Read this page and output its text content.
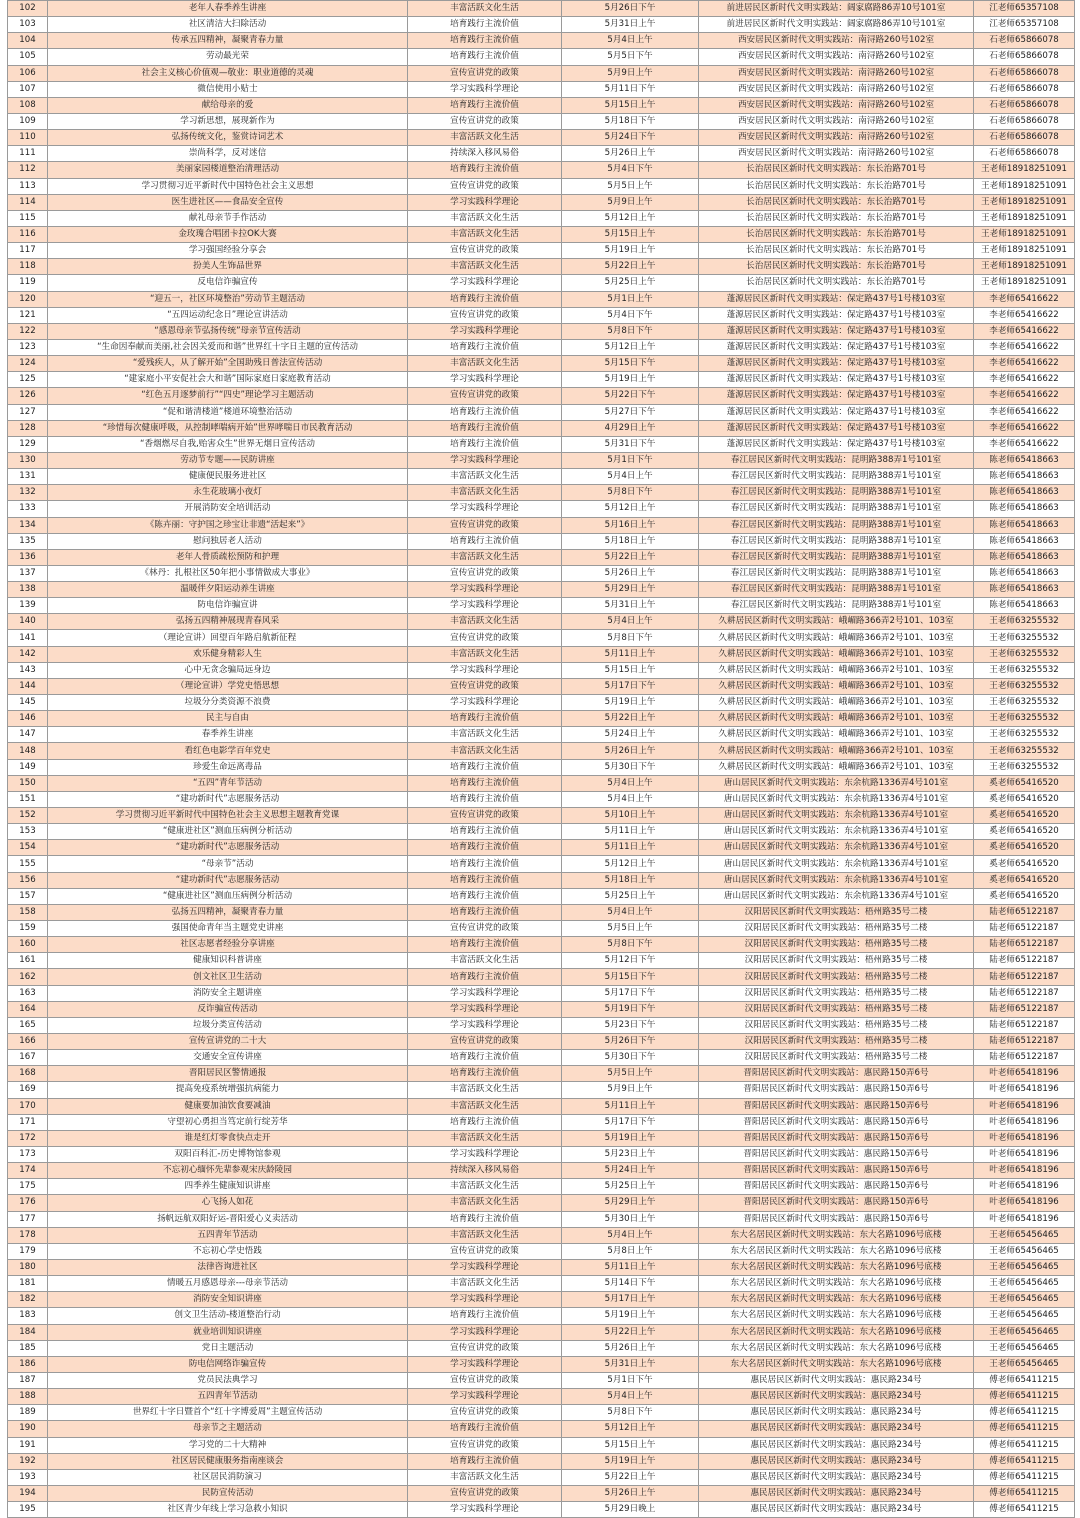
102	老年人春季养生讲座	丰富活跃文化生活	5月26日下午	前进居民区新时代文明实践站：阔家腐路86弄10号101室	江老师65357108
103	社区清洁大扫除活动	培育践行主流价值	5月31日上午	前进居民区新时代文明实践站：阔家腐路86弄10号101室	江老师65357108
104	传承五四精神，凝聚青春力量	培育践行主流价值	5月4日上午	西安居民区新时代文明实践站：南浔路260号102室	石老师65866078
105	劳动最光荣	培育践行主流价值	5月5日下午	西安居民区新时代文明实践站：南浔路260号102室	石老师65866078
106	社会主义核心价值观—敬业：职业道德的灵魂	宣传宣讲党的政策	5月9日上午	西安居民区新时代文明实践站：南浔路260号102室	石老师65866078
107	微信使用小贴士	学习实践科学理论	5月11日下午	西安居民区新时代文明实践站：南浔路260号102室	石老师65866078
108	献给母亲的爱	培育践行主流价值	5月15日上午	西安居民区新时代文明实践站：南浔路260号102室	石老师65866078
109	学习新思想，展现新作为	宣传宣讲党的政策	5月18日下午	西安居民区新时代文明实践站：南浔路260号102室	石老师65866078
110	弘扬传统文化，鉴赏诗词艺术	丰富活跃文化生活	5月24日下午	西安居民区新时代文明实践站：南浔路260号102室	石老师65866078
111	崇尚科学，反对迷信	持续深入移风易俗	5月26日上午	西安居民区新时代文明实践站：南浔路260号102室	石老师65866078
112	美丽家园楼道整治清理活动	培育践行主流价值	5月4日下午	长治居民区新时代文明实践站：东长治路701号	王老师18918251091
113	学习贯彻习近平新时代中国特色社会主义思想	宣传宣讲党的政策	5月5日上午	长治居民区新时代文明实践站：东长治路701号	王老师18918251091
114	医生进社区——食品安全宣传	学习实践科学理论	5月9日上午	长治居民区新时代文明实践站：东长治路701号	王老师18918251091
115	献礼母亲节手作活动	丰富活跃文化生活	5月12日上午	长治居民区新时代文明实践站：东长治路701号	王老师18918251091
116	金玫瑰合唱团卡拉OK大赛	丰富活跃文化生活	5月15日上午	长治居民区新时代文明实践站：东长治路701号	王老师18918251091
117	学习强国经验分享会	宣传宣讲党的政策	5月19日上午	长治居民区新时代文明实践站：东长治路701号	王老师18918251091
118	扮美人生饰品世界	丰富活跃文化生活	5月22日上午	长治居民区新时代文明实践站：东长治路701号	王老师18918251091
119	反电信诈骗宣传	学习实践科学理论	5月25日上午	长治居民区新时代文明实践站：东长治路701号	王老师18918251091
120	“迎五一，社区环境整治”劳动节主题活动	培育践行主流价值	5月1日上午	蓬源居民区新时代文明实践站：保定路437号1号楼103室	李老师65416622
121	“五四运动纪念日”理论宣讲活动	宣传宣讲党的政策	5月4日下午	蓬源居民区新时代文明实践站：保定路437号1号楼103室	李老师65416622
122	“感恩母亲节弘扬传统”母亲节宣传活动	学习实践科学理论	5月8日下午	蓬源居民区新时代文明实践站：保定路437号1号楼103室	李老师65416622
123	“生命因奉献而美丽,社会因关爱而和谐”世界红十字日主题的宣传活动	培育践行主流价值	5月12日上午	蓬源居民区新时代文明实践站：保定路437号1号楼103室	李老师65416622
124	“爱残疾人，从了解开始”全国助残日普法宣传活动	丰富活跃文化生活	5月15日下午	蓬源居民区新时代文明实践站：保定路437号1号楼103室	李老师65416622
125	“建家庭小平安促社会大和谐”国际家庭日家庭教育活动	学习实践科学理论	5月19日上午	蓬源居民区新时代文明实践站：保定路437号1号楼103室	李老师65416622
126	“红色五月逐梦前行”“四史”理论学习主题活动	宣传宣讲党的政策	5月22日下午	蓬源居民区新时代文明实践站：保定路437号1号楼103室	李老师65416622
127	“促和谐清楼道”楼道环境整治活动	培育践行主流价值	5月27日下午	蓬源居民区新时代文明实践站：保定路437号1号楼103室	李老师65416622
128	“珍惜每次健康呼吸，从控制哮喘病开始”世界哮喘日市民教育活动	培育践行主流价值	4月29日上午	蓬源居民区新时代文明实践站：保定路437号1号楼103室	李老师65416622
129	“香烟燃尽自我,贻害众生”世界无烟日宣传活动	培育践行主流价值	5月31日下午	蓬源居民区新时代文明实践站：保定路437号1号楼103室	李老师65416622
130	劳动节专题——民防讲座	学习实践科学理论	5月1日下午	春江居民区新时代文明实践站：昆明路388弄1号101室	陈老师65418663
131	健康便民服务进社区	丰富活跃文化生活	5月4日上午	春江居民区新时代文明实践站：昆明路388弄1号101室	陈老师65418663
132	永生花玻璃小夜灯	丰富活跃文化生活	5月8日下午	春江居民区新时代文明实践站：昆明路388弄1号101室	陈老师65418663
133	开展消防安全培训活动	学习实践科学理论	5月12日上午	春江居民区新时代文明实践站：昆明路388弄1号101室	陈老师65418663
134	《陈卉丽：守护国之珍宝让非遗“活起来”》	宣传宣讲党的政策	5月16日上午	春江居民区新时代文明实践站：昆明路388弄1号101室	陈老师65418663
135	慰问独居老人活动	培育践行主流价值	5月18日上午	春江居民区新时代文明实践站：昆明路388弄1号101室	陈老师65418663
136	老年人骨质疏松预防和护理	丰富活跃文化生活	5月22日上午	春江居民区新时代文明实践站：昆明路388弄1号101室	陈老师65418663
137	《林丹：扎根社区50年把小事情做成大事业》	宣传宣讲党的政策	5月26日上午	春江居民区新时代文明实践站：昆明路388弄1号101室	陈老师65418663
138	温暖伴夕阳运动养生讲座	学习实践科学理论	5月29日上午	春江居民区新时代文明实践站：昆明路388弄1号101室	陈老师65418663
139	防电信诈骗宣讲	学习实践科学理论	5月31日上午	春江居民区新时代文明实践站：昆明路388弄1号101室	陈老师65418663
140	弘扬五四精神展现青春风采	丰富活跃文化生活	5月4日上午	久耕居民区新时代文明实践站：峨嵋路366弄2号101、103室	王老师63255532
141	（理论宣讲）回望百年路启航新征程	宣传宣讲党的政策	5月8日下午	久耕居民区新时代文明实践站：峨嵋路366弄2号101、103室	王老师63255532
142	欢乐健身精彩人生	丰富活跃文化生活	5月11日上午	久耕居民区新时代文明实践站：峨嵋路366弄2号101、103室	王老师63255532
143	心中无贪念骗局远身边	学习实践科学理论	5月15日上午	久耕居民区新时代文明实践站：峨嵋路366弄2号101、103室	王老师63255532
144	（理论宣讲）学党史悟思想	宣传宣讲党的政策	5月17日下午	久耕居民区新时代文明实践站：峨嵋路366弄2号101、103室	王老师63255532
145	垃圾分分类资源不浪费	学习实践科学理论	5月19日上午	久耕居民区新时代文明实践站：峨嵋路366弄2号101、103室	王老师63255532
146	民主与自由	培育践行主流价值	5月22日上午	久耕居民区新时代文明实践站：峨嵋路366弄2号101、103室	王老师63255532
147	春季养生讲座	丰富活跃文化生活	5月24日上午	久耕居民区新时代文明实践站：峨嵋路366弄2号101、103室	王老师63255532
148	看红色电影学百年党史	丰富活跃文化生活	5月26日上午	久耕居民区新时代文明实践站：峨嵋路366弄2号101、103室	王老师63255532
149	珍爱生命远离毒品	培育践行主流价值	5月30日下午	久耕居民区新时代文明实践站：峨嵋路366弄2号101、103室	王老师63255532
150	“五四”青年节活动	培育践行主流价值	5月4日上午	唐山居民区新时代文明实践站：东余杭路1336弄4号101室	奚老师65416520
151	“建功新时代”志愿服务活动	培育践行主流价值	5月4日上午	唐山居民区新时代文明实践站：东余杭路1336弄4号101室	奚老师65416520
152	学习贯彻习近平新时代中国特色社会主义思想主题教育党课	宣传宣讲党的政策	5月10日上午	唐山居民区新时代文明实践站：东余杭路1336弄4号101室	奚老师65416520
153	“健康进社区”测血压病例分析活动	培育践行主流价值	5月11日上午	唐山居民区新时代文明实践站：东余杭路1336弄4号101室	奚老师65416520
154	“建功新时代”志愿服务活动	培育践行主流价值	5月11日上午	唐山居民区新时代文明实践站：东余杭路1336弄4号101室	奚老师65416520
155	“母亲节”活动	培育践行主流价值	5月12日上午	唐山居民区新时代文明实践站：东余杭路1336弄4号101室	奚老师65416520
156	“建功新时代”志愿服务活动	培育践行主流价值	5月18日上午	唐山居民区新时代文明实践站：东余杭路1336弄4号101室	奚老师65416520
157	“健康进社区”测血压病例分析活动	培育践行主流价值	5月25日上午	唐山居民区新时代文明实践站：东余杭路1336弄4号101室	奚老师65416520
158	弘扬五四精神，凝聚青春力量	培育践行主流价值	5月4日上午	汉阳居民区新时代文明实践站：梧州路35号二楼	陆老师65122187
159	强国使命青年当主题党史讲座	宣传宣讲党的政策	5月5日上午	汉阳居民区新时代文明实践站：梧州路35号二楼	陆老师65122187
160	社区志愿者经验分享讲座	培育践行主流价值	5月8日下午	汉阳居民区新时代文明实践站：梧州路35号二楼	陆老师65122187
161	健康知识科普讲座	丰富活跃文化生活	5月12日下午	汉阳居民区新时代文明实践站：梧州路35号二楼	陆老师65122187
162	创文社区卫生活动	培育践行主流价值	5月15日下午	汉阳居民区新时代文明实践站：梧州路35号二楼	陆老师65122187
163	消防安全主题讲座	学习实践科学理论	5月17日下午	汉阳居民区新时代文明实践站：梧州路35号二楼	陆老师65122187
164	反诈骗宣传活动	学习实践科学理论	5月19日下午	汉阳居民区新时代文明实践站：梧州路35号二楼	陆老师65122187
165	垃圾分类宣传活动	学习实践科学理论	5月23日下午	汉阳居民区新时代文明实践站：梧州路35号二楼	陆老师65122187
166	宣传宣讲党的二十大	宣传宣讲党的政策	5月26日下午	汉阳居民区新时代文明实践站：梧州路35号二楼	陆老师65122187
167	交通安全宣传讲座	培育践行主流价值	5月30日下午	汉阳居民区新时代文明实践站：梧州路35号二楼	陆老师65122187
168	晋阳居民区警情通报	培育践行主流价值	5月5日上午	晋阳居民区新时代文明实践站：惠民路150弄6号	叶老师65418196
169	提高免疫系统增强抗病能力	丰富活跃文化生活	5月9日上午	晋阳居民区新时代文明实践站：惠民路150弄6号	叶老师65418196
170	健康要加油饮食要减油	丰富活跃文化生活	5月11日上午	晋阳居民区新时代文明实践站：惠民路150弄6号	叶老师65418196
171	守望初心勇担当笃定前行绽芳华	培育践行主流价值	5月17日下午	晋阳居民区新时代文明实践站：惠民路150弄6号	叶老师65418196
172	谁是红灯零食快点走开	丰富活跃文化生活	5月19日上午	晋阳居民区新时代文明实践站：惠民路150弄6号	叶老师65418196
173	双阳百科汇-历史博物馆参观	学习实践科学理论	5月23日上午	晋阳居民区新时代文明实践站：惠民路150弄6号	叶老师65418196
174	不忘初心缅怀先辈参观宋庆龄陵园	持续深入移风易俗	5月24日上午	晋阳居民区新时代文明实践站：惠民路150弄6号	叶老师65418196
175	四季养生健康知识讲座	丰富活跃文化生活	5月25日上午	晋阳居民区新时代文明实践站：惠民路150弄6号	叶老师65418196
176	心飞扬人如花	丰富活跃文化生活	5月29日上午	晋阳居民区新时代文明实践站：惠民路150弄6号	叶老师65418196
177	扬帆远航双阳好运-晋阳爱心义卖活动	培育践行主流价值	5月30日上午	晋阳居民区新时代文明实践站：惠民路150弄6号	叶老师65418196
178	五四青年节活动	丰富活跃文化生活	5月4日上午	东大名居民区新时代文明实践站：东大名路1096号底楼	王老师65456465
179	不忘初心学史悟践	宣传宣讲党的政策	5月8日上午	东大名居民区新时代文明实践站：东大名路1096号底楼	王老师65456465
180	法律咨询进社区	学习实践科学理论	5月11日上午	东大名居民区新时代文明实践站：东大名路1096号底楼	王老师65456465
181	情暖五月感恩母亲---母亲节活动	丰富活跃文化生活	5月14日下午	东大名居民区新时代文明实践站：东大名路1096号底楼	王老师65456465
182	消防安全知识讲座	学习实践科学理论	5月17日上午	东大名居民区新时代文明实践站：东大名路1096号底楼	王老师65456465
183	创文卫生活动-楼道整治行动	培育践行主流价值	5月19日上午	东大名居民区新时代文明实践站：东大名路1096号底楼	王老师65456465
184	就业培训知识讲座	学习实践科学理论	5月22日上午	东大名居民区新时代文明实践站：东大名路1096号底楼	王老师65456465
185	党日主题活动	宣传宣讲党的政策	5月26日上午	东大名居民区新时代文明实践站：东大名路1096号底楼	王老师65456465
186	防电信网络诈骗宣传	学习实践科学理论	5月31日上午	东大名居民区新时代文明实践站：东大名路1096号底楼	王老师65456465
187	党员民法典学习	宣传宣讲党的政策	5月1日下午	惠民居民区新时代文明实践站：惠民路234号	傅老师65411215
188	五四青年节活动	学习实践科学理论	5月4日上午	惠民居民区新时代文明实践站：惠民路234号	傅老师65411215
189	世界红十字日暨首个“红十字博爱周”主题宣传活动	宣传宣讲党的政策	5月8日下午	惠民居民区新时代文明实践站：惠民路234号	傅老师65411215
190	母亲节之主题活动	培育践行主流价值	5月12日上午	惠民居民区新时代文明实践站：惠民路234号	傅老师65411215
191	学习党的二十大精神	宣传宣讲党的政策	5月15日上午	惠民居民区新时代文明实践站：惠民路234号	傅老师65411215
192	社区居民健康服务指南座谈会	培育践行主流价值	5月19日上午	惠民居民区新时代文明实践站：惠民路234号	傅老师65411215
193	社区居民消防演习	丰富活跃文化生活	5月22日上午	惠民居民区新时代文明实践站：惠民路234号	傅老师65411215
194	民防宣传活动	宣传宣讲党的政策	5月26日上午	惠民居民区新时代文明实践站：惠民路234号	傅老师65411215
195	社区青少年线上学习急救小知识	学习实践科学理论	5月29日晚上	惠民居民区新时代文明实践站：惠民路234号	傅老师65411215
